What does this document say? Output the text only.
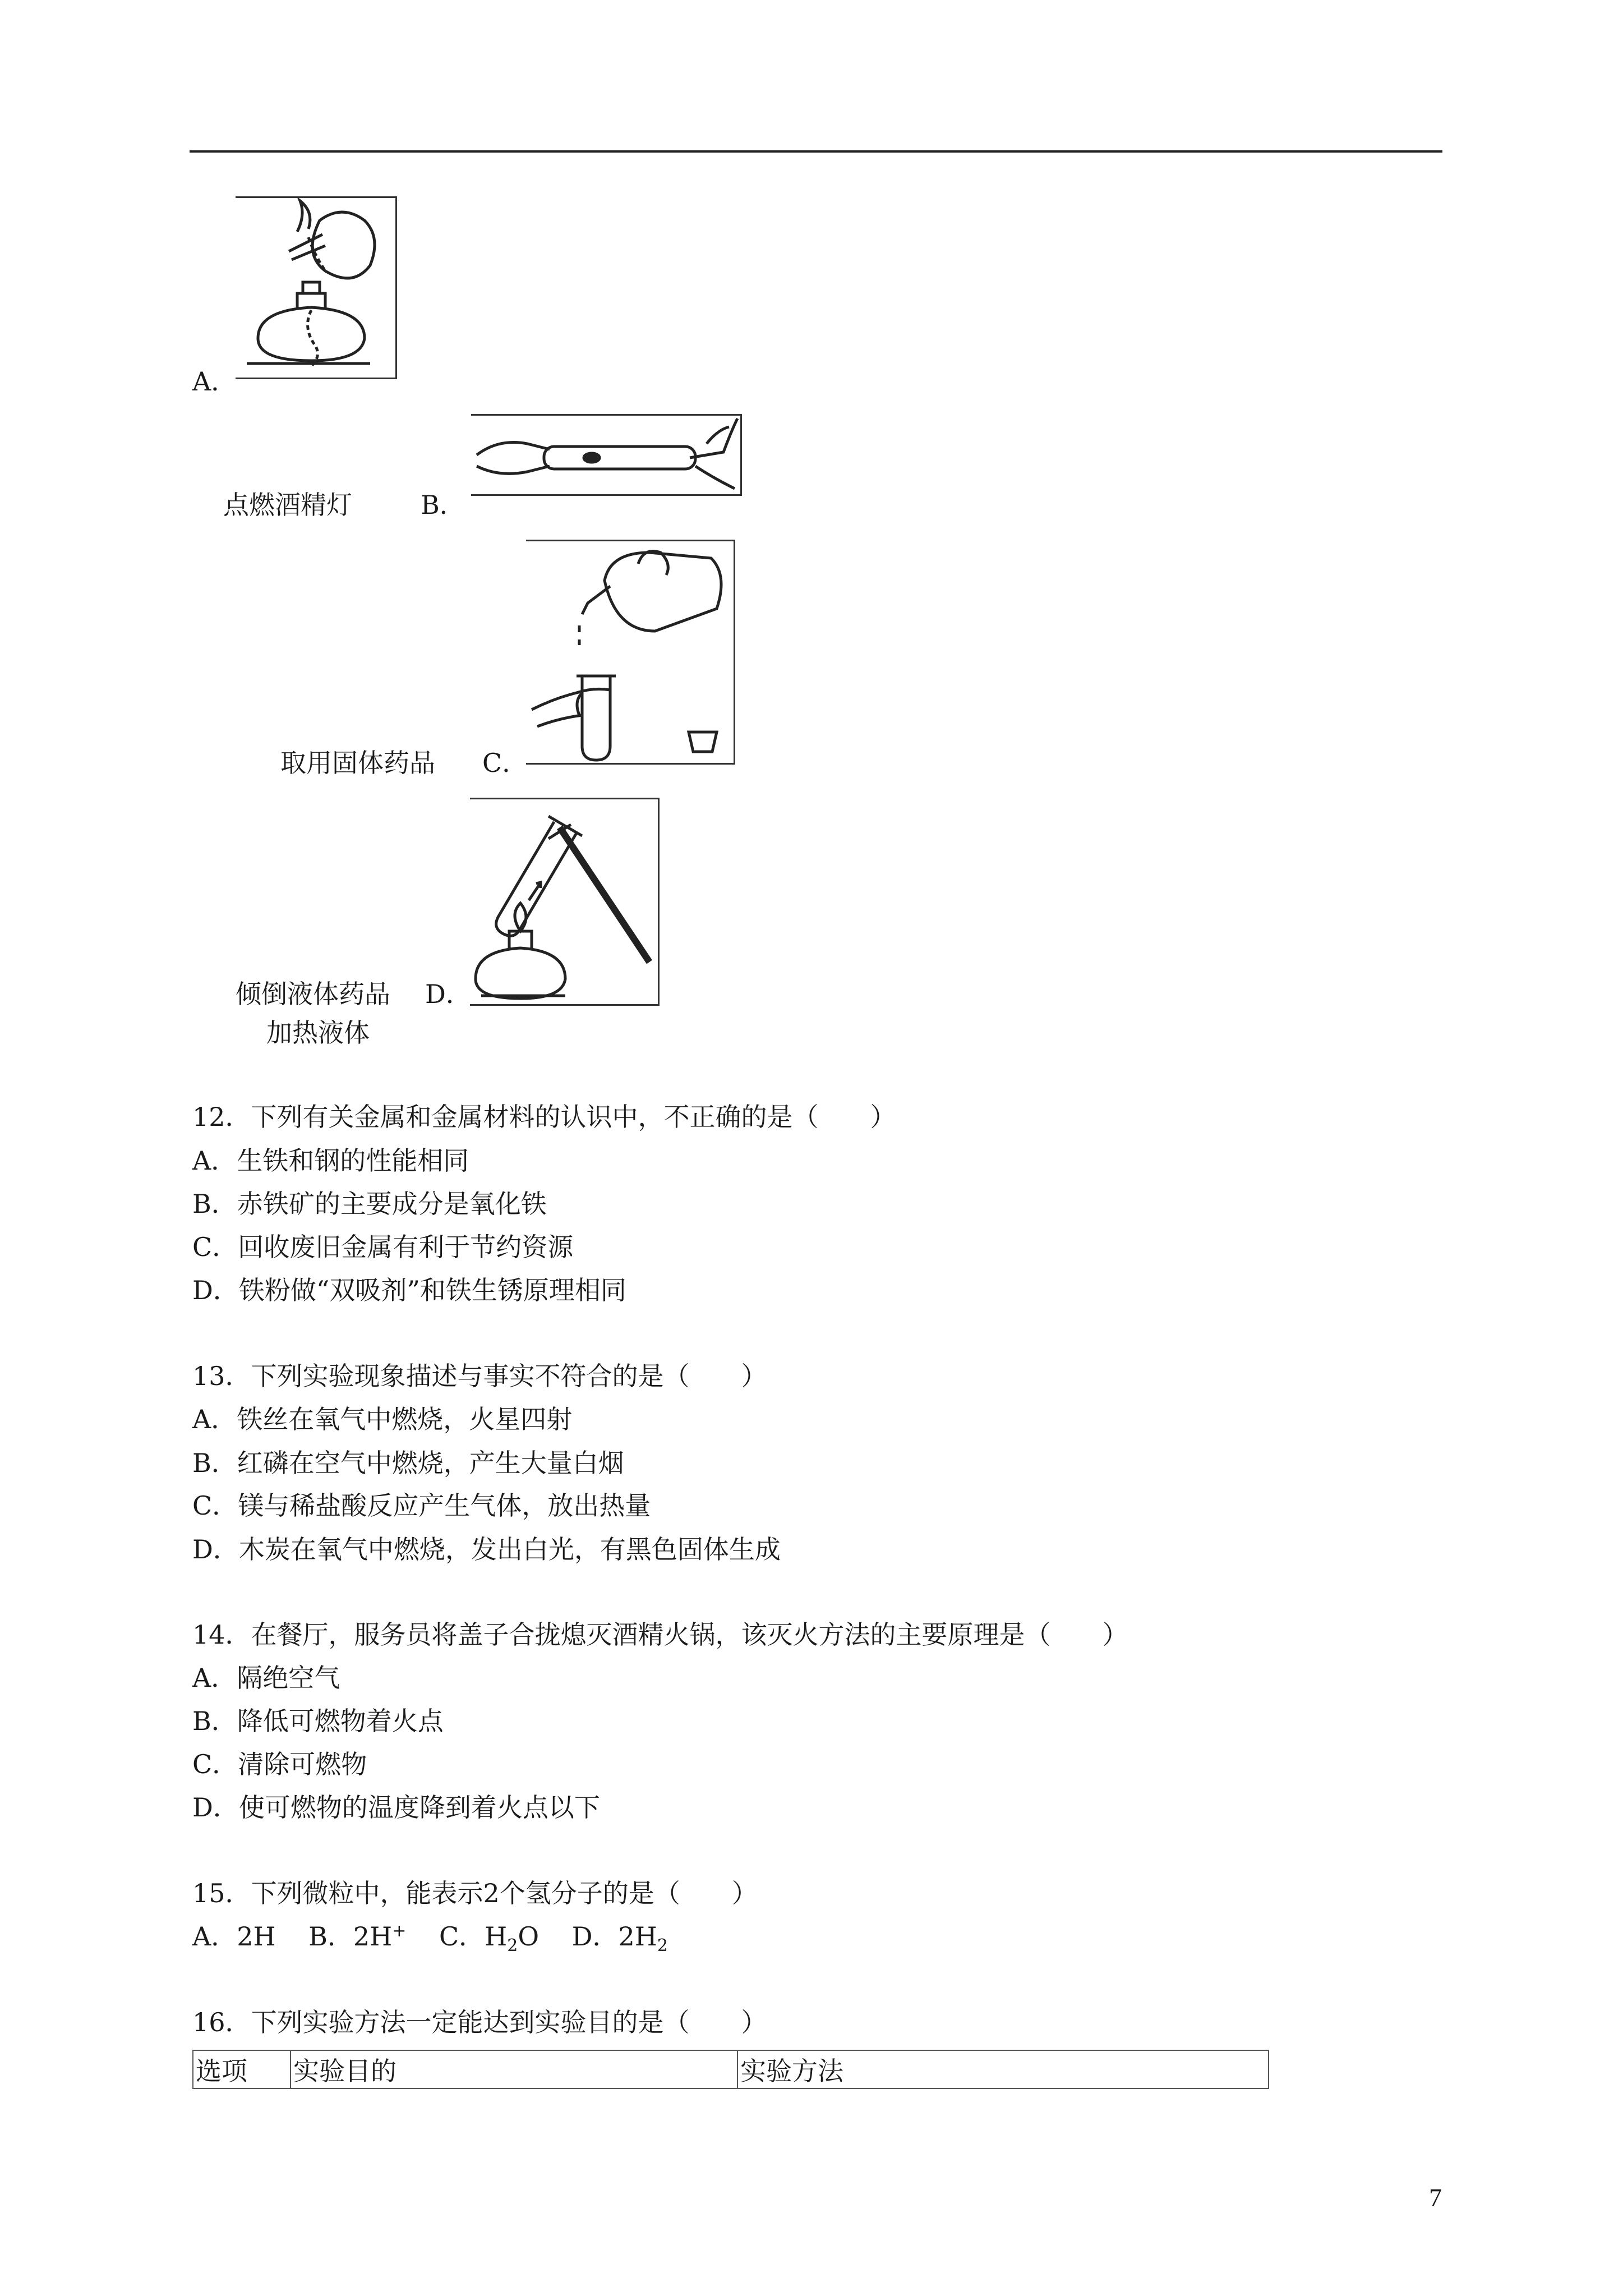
A．
点燃酒精灯	B．
取用固体药品 C．
倾倒液体药品 D．
加热液体
12．下列有关金属和金属材料的认识中，不正确的是（　　）
A．生铁和钢的性能相同
B．赤铁矿的主要成分是氧化铁
C．回收废旧金属有利于节约资源
D．铁粉做“双吸剂”和铁生锈原理相同
13．下列实验现象描述与事实不符合的是（　　）
A．铁丝在氧气中燃烧，火星四射
B．红磷在空气中燃烧，产生大量白烟
C．镁与稀盐酸反应产生气体，放出热量
D．木炭在氧气中燃烧，发出白光，有黑色固体生成
14．在餐厅，服务员将盖子合拢熄灭酒精火锅，该灭火方法的主要原理是（　　）
A．隔绝空气
B．降低可燃物着火点
C．清除可燃物
D．使可燃物的温度降到着火点以下
15．下列微粒中，能表示2个氢分子的是（　　）
A．2H B．2H+ C．$H_2O$ D．$2H_2$
16．下列实验方法一定能达到实验目的是（　　）
选项	实验目的	实验方法
7
